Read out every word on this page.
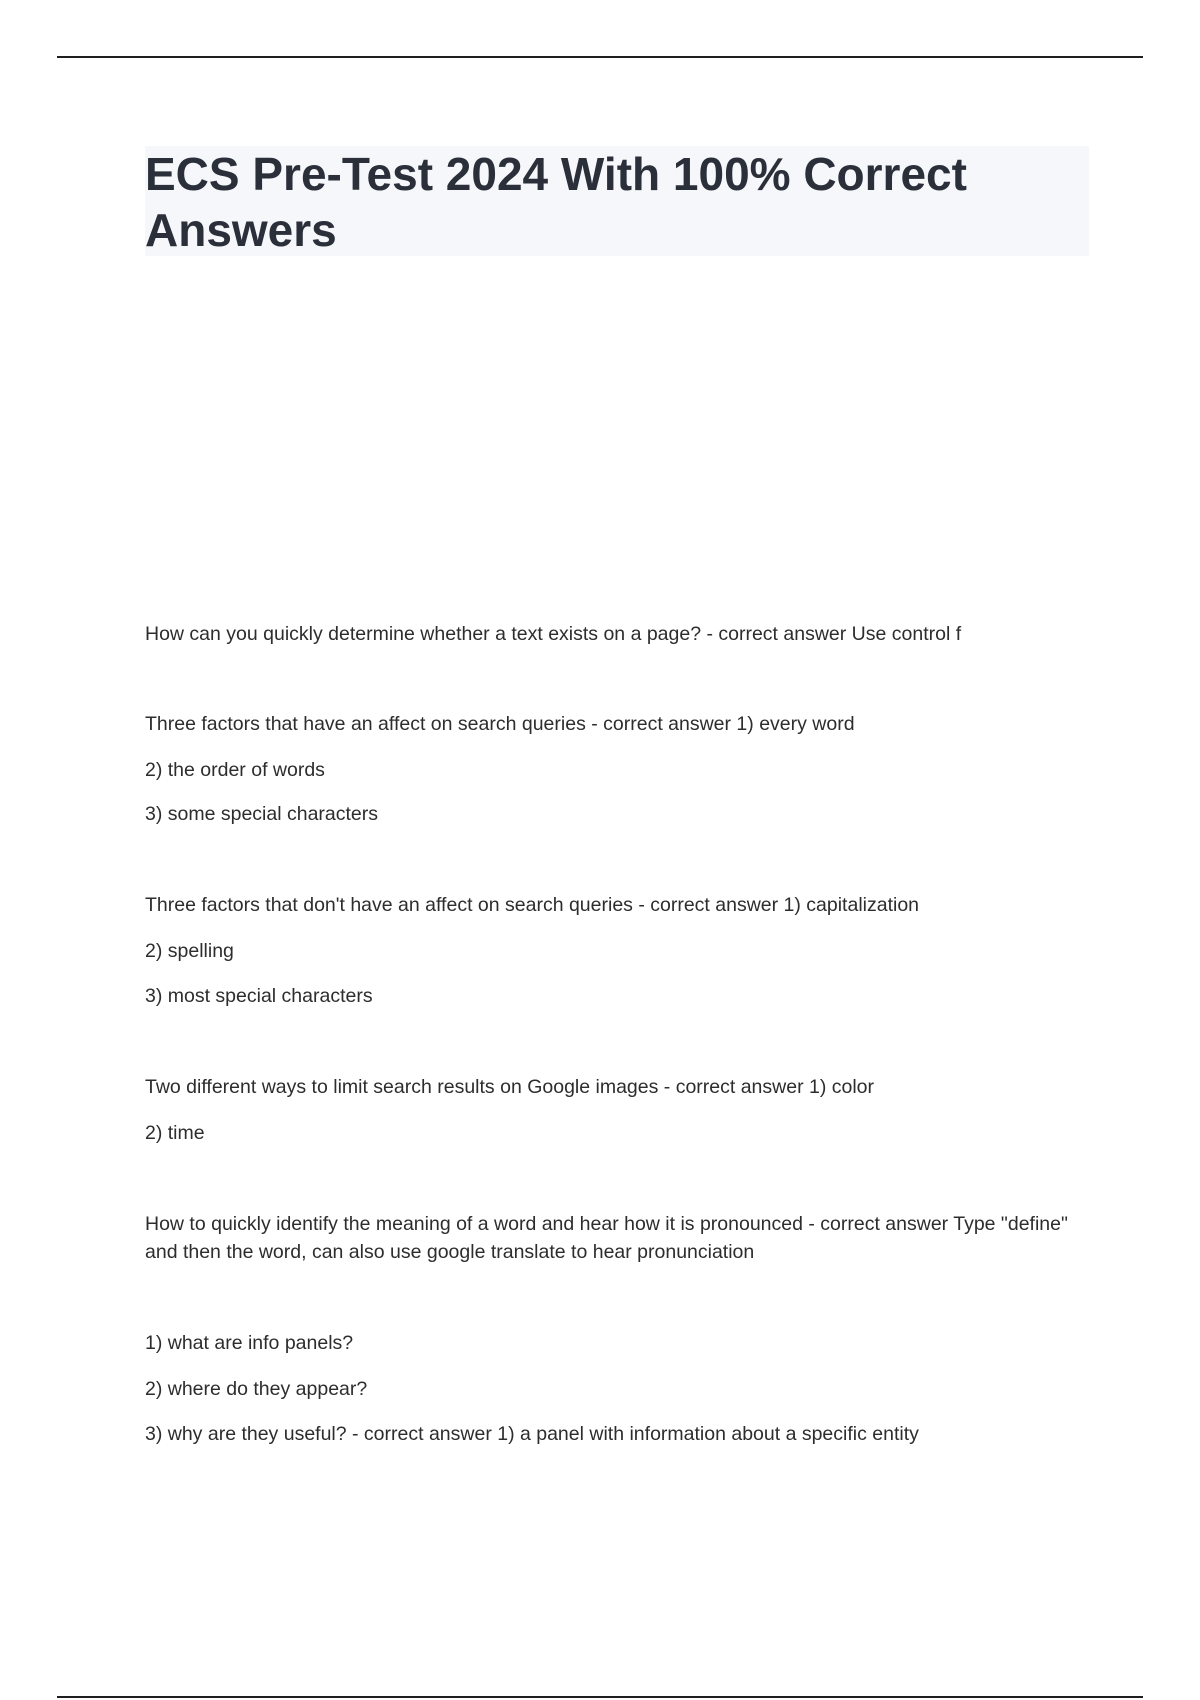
ECS Pre-Test 2024 With 100% Correct Answers
How can you quickly determine whether a text exists on a page? - correct answer Use control f
Three factors that have an affect on search queries - correct answer 1) every word
2) the order of words
3) some special characters
Three factors that don't have an affect on search queries - correct answer 1) capitalization
2) spelling
3) most special characters
Two different ways to limit search results on Google images - correct answer 1) color
2) time
How to quickly identify the meaning of a word and hear how it is pronounced - correct answer Type "define" and then the word, can also use google translate to hear pronunciation
1) what are info panels?
2) where do they appear?
3) why are they useful? - correct answer 1) a panel with information about a specific entity
